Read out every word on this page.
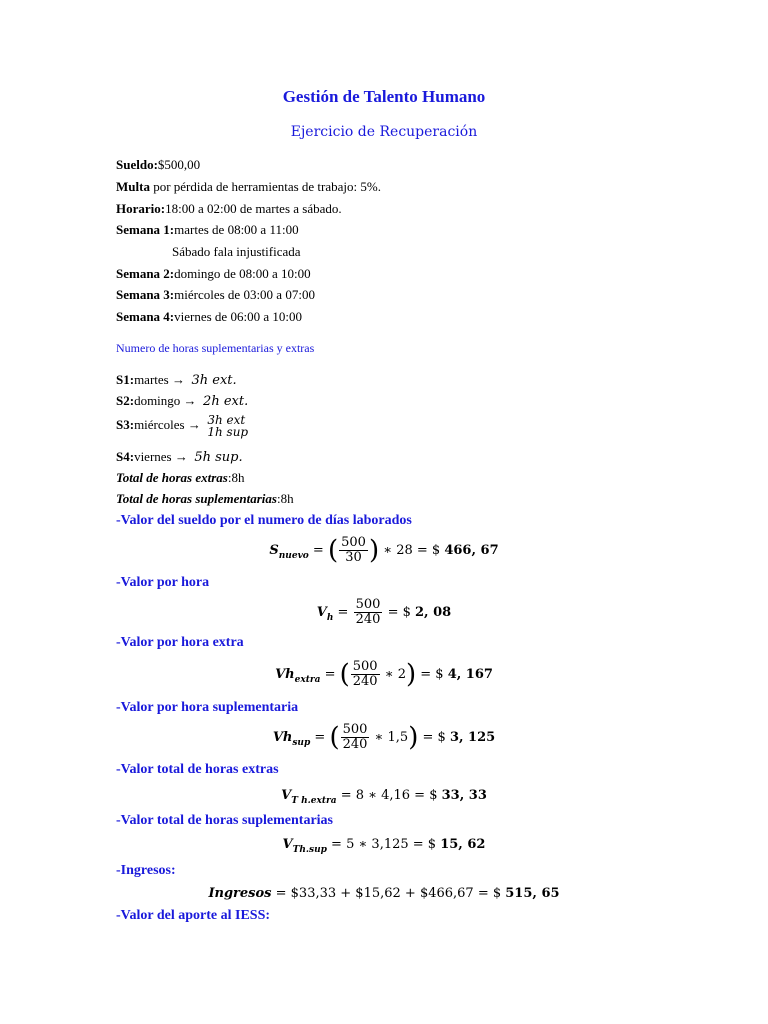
Gestión de Talento Humano
Ejercicio de Recuperación
Sueldo:$500,00
Multa por pérdida de herramientas de trabajo: 5%.
Horario:18:00 a 02:00 de martes a sábado.
Semana 1:martes de 08:00 a 11:00
Sábado fala injustificada
Semana 2:domingo de 08:00 a 10:00
Semana 3:miércoles de 03:00 a 07:00
Semana 4:viernes de 06:00 a 10:00
Numero de horas suplementarias y extras
S1:martes → 3h ext.
S2:domingo → 2h ext.
S3:miércoles → 3h ext
1h sup
S4:viernes → 5h sup.
Total de horas extras:8h
Total de horas suplementarias:8h
-Valor del sueldo por el numero de días laborados
$S_{nuevo}$ = ( $\frac{500}{30}$ ) ∗ 28 = $ 466, 67
-Valor por hora
$V_h = \frac{500}{240}$ = $ 2, 08
-Valor por hora extra
$Vh_{extra}$ = ( $\frac{500}{240}$ ∗ 2) = $ 4, 167
-Valor por hora suplementaria
$Vh_{sup}$ = ( $\frac{500}{240}$ ∗ 1,5) = $ 3, 125
-Valor total de horas extras
$V_{T h.extra} = 8$ ∗ 4,16 = $ 33, 33
-Valor total de horas suplementarias
$V_{Th.sup} = 5$ ∗ 3,125 = $ 15, 62
-Ingresos:
Ingresos = $33,33 + $15,62 + $466,67 = $ 515, 65
-Valor del aporte al IESS:
